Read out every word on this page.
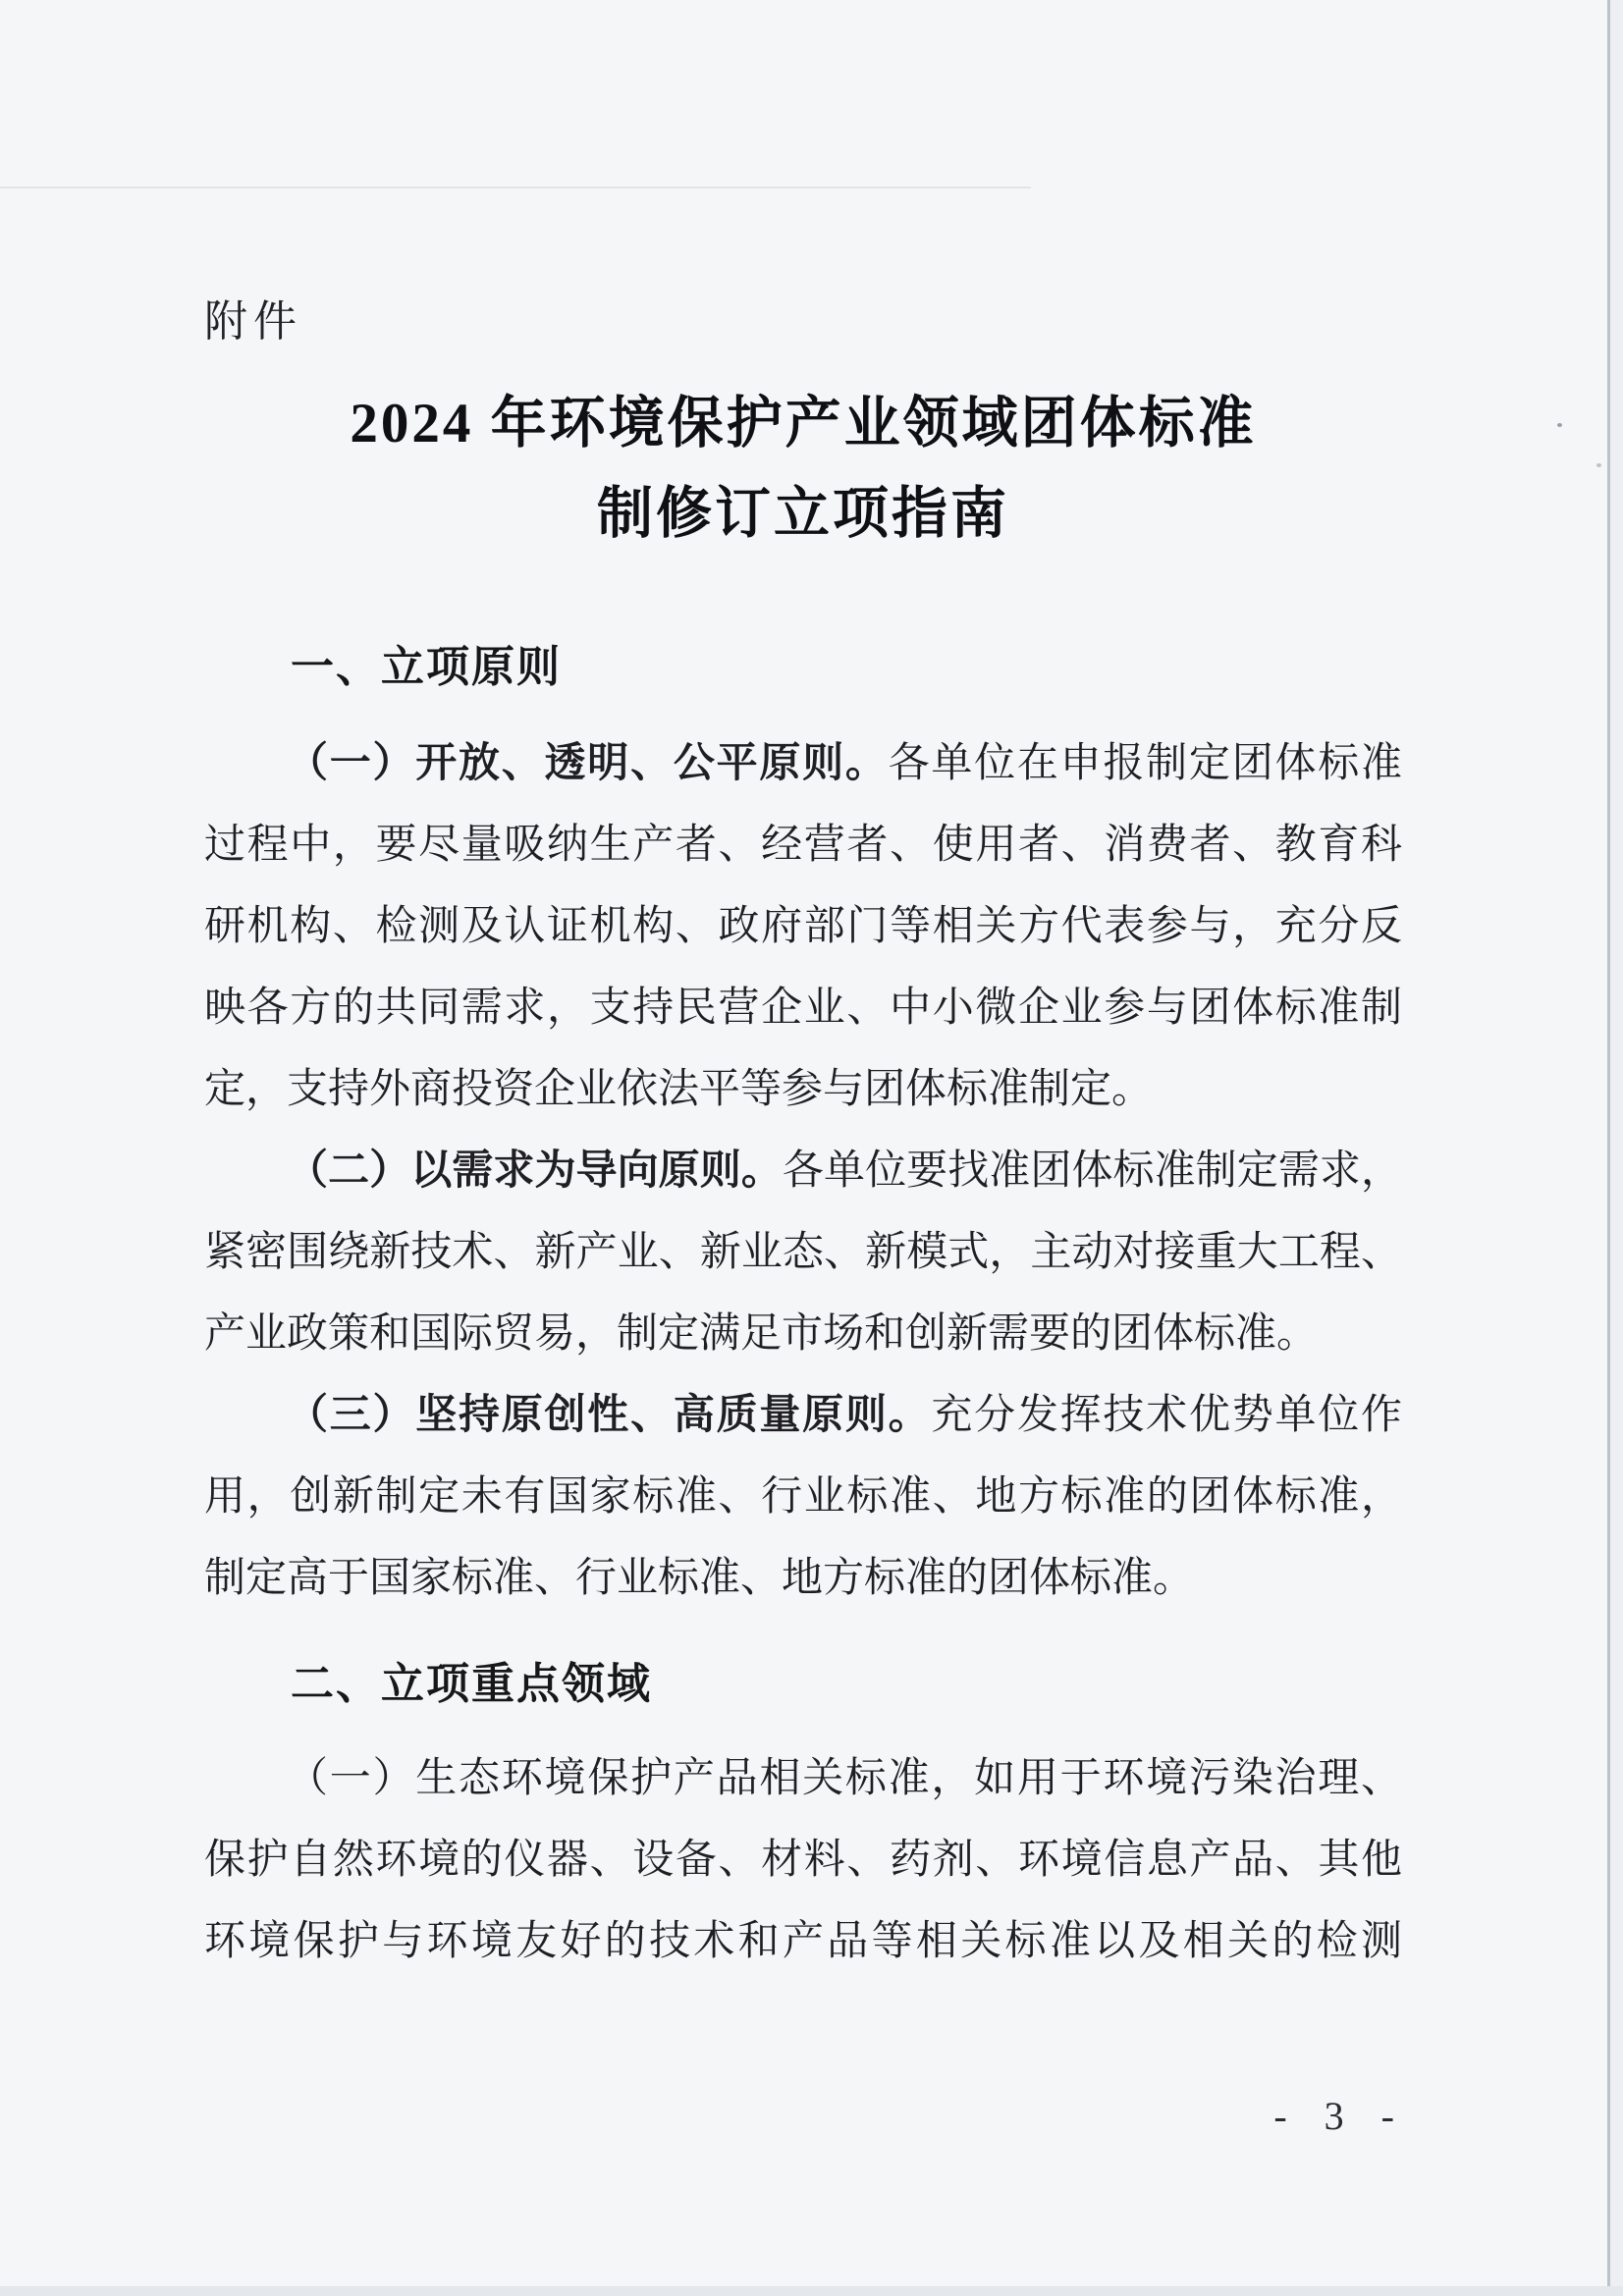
附件
2024 年环境保护产业领域团体标准
制修订立项指南
一、立项原则
（一）开放、透明、公平原则。各单位在申报制定团体标准
过程中，要尽量吸纳生产者、经营者、使用者、消费者、教育科
研机构、检测及认证机构、政府部门等相关方代表参与，充分反
映各方的共同需求，支持民营企业、中小微企业参与团体标准制
定，支持外商投资企业依法平等参与团体标准制定。
（二）以需求为导向原则。各单位要找准团体标准制定需求，
紧密围绕新技术、新产业、新业态、新模式，主动对接重大工程、
产业政策和国际贸易，制定满足市场和创新需要的团体标准。
（三）坚持原创性、高质量原则。充分发挥技术优势单位作
用，创新制定未有国家标准、行业标准、地方标准的团体标准，
制定高于国家标准、行业标准、地方标准的团体标准。
二、立项重点领域
（一）生态环境保护产品相关标准，如用于环境污染治理、
保护自然环境的仪器、设备、材料、药剂、环境信息产品、其他
环境保护与环境友好的技术和产品等相关标准以及相关的检测
- 3 -
